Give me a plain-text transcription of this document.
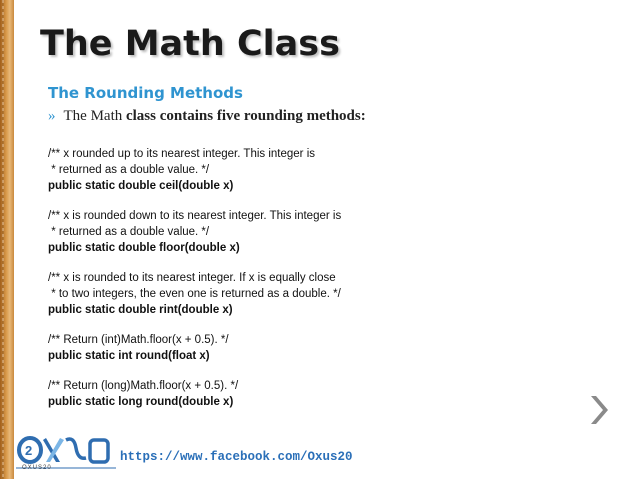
The Math Class
The Rounding Methods
» The Math class contains five rounding methods:
/** x rounded up to its nearest integer. This integer is
* returned as a double value. */
public static double ceil(double x)
/** x is rounded down to its nearest integer. This integer is
* returned as a double value. */
public static double floor(double x)
/** x is rounded to its nearest integer. If x is equally close
* to two integers, the even one is returned as a double. */
public static double rint(double x)
/** Return (int)Math.floor(x + 0.5). */
public static int round(float x)
/** Return (long)Math.floor(x + 0.5). */
public static long round(double x)
2
OXUS20
https://www.facebook.com/Oxus20
